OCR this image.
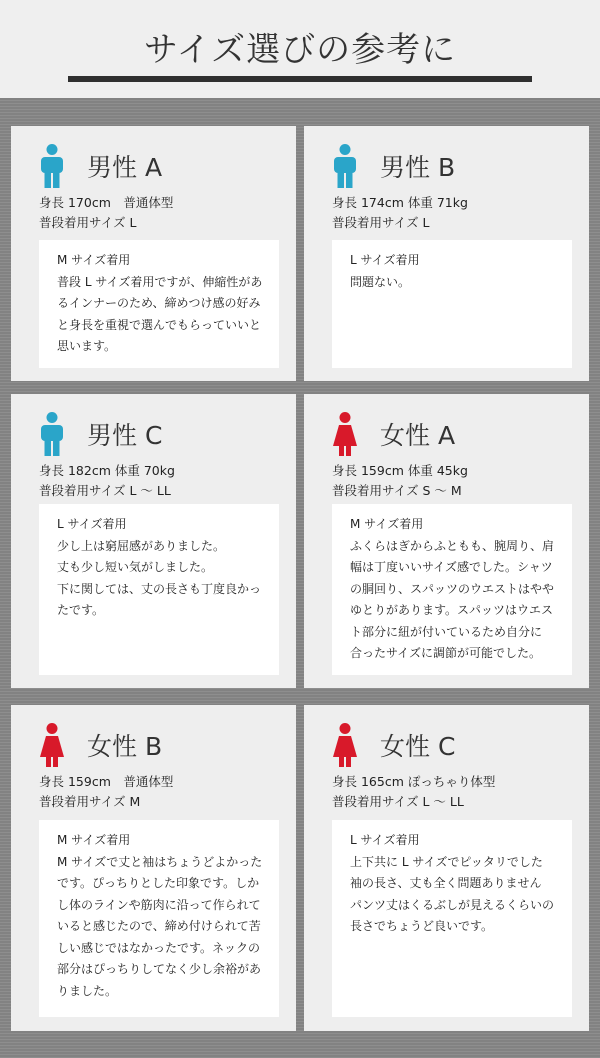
サイズ選びの参考に
男性 A

身長 170cm　普通体型

普段着用サイズ L

M サイズ着用

普段 L サイズ着用ですが、伸縮性があ

るインナーのため、締めつけ感の好み

と身長を重視で選んでもらっていいと

思います。

男性 B

身長 174cm 体重 71kg

普段着用サイズ L

L サイズ着用

問題ない。

男性 C

身長 182cm 体重 70kg

普段着用サイズ L 〜 LL

L サイズ着用

少し上は窮屈感がありました。

丈も少し短い気がしました。

下に関しては、丈の長さも丁度良かっ

たです。

女性 A

身長 159cm 体重 45kg

普段着用サイズ S 〜 M

M サイズ着用

ふくらはぎからふともも、腕周り、肩

幅は丁度いいサイズ感でした。シャツ

の胴回り、スパッツのウエストはやや

ゆとりがあります。スパッツはウエス

ト部分に紐が付いているため自分に

合ったサイズに調節が可能でした。

女性 B

身長 159cm　普通体型

普段着用サイズ M

M サイズ着用

M サイズで丈と袖はちょうどよかった

です。ぴっちりとした印象です。しか

し体のラインや筋肉に沿って作られて

いると感じたので、締め付けられて苦

しい感じではなかったです。ネックの

部分はぴっちりしてなく少し余裕があ

りました。

女性 C

身長 165cm ぽっちゃり体型

普段着用サイズ L 〜 LL

L サイズ着用

上下共に L サイズでピッタリでした

袖の長さ、丈も全く問題ありません

パンツ丈はくるぶしが見えるくらいの

長さでちょうど良いです。
